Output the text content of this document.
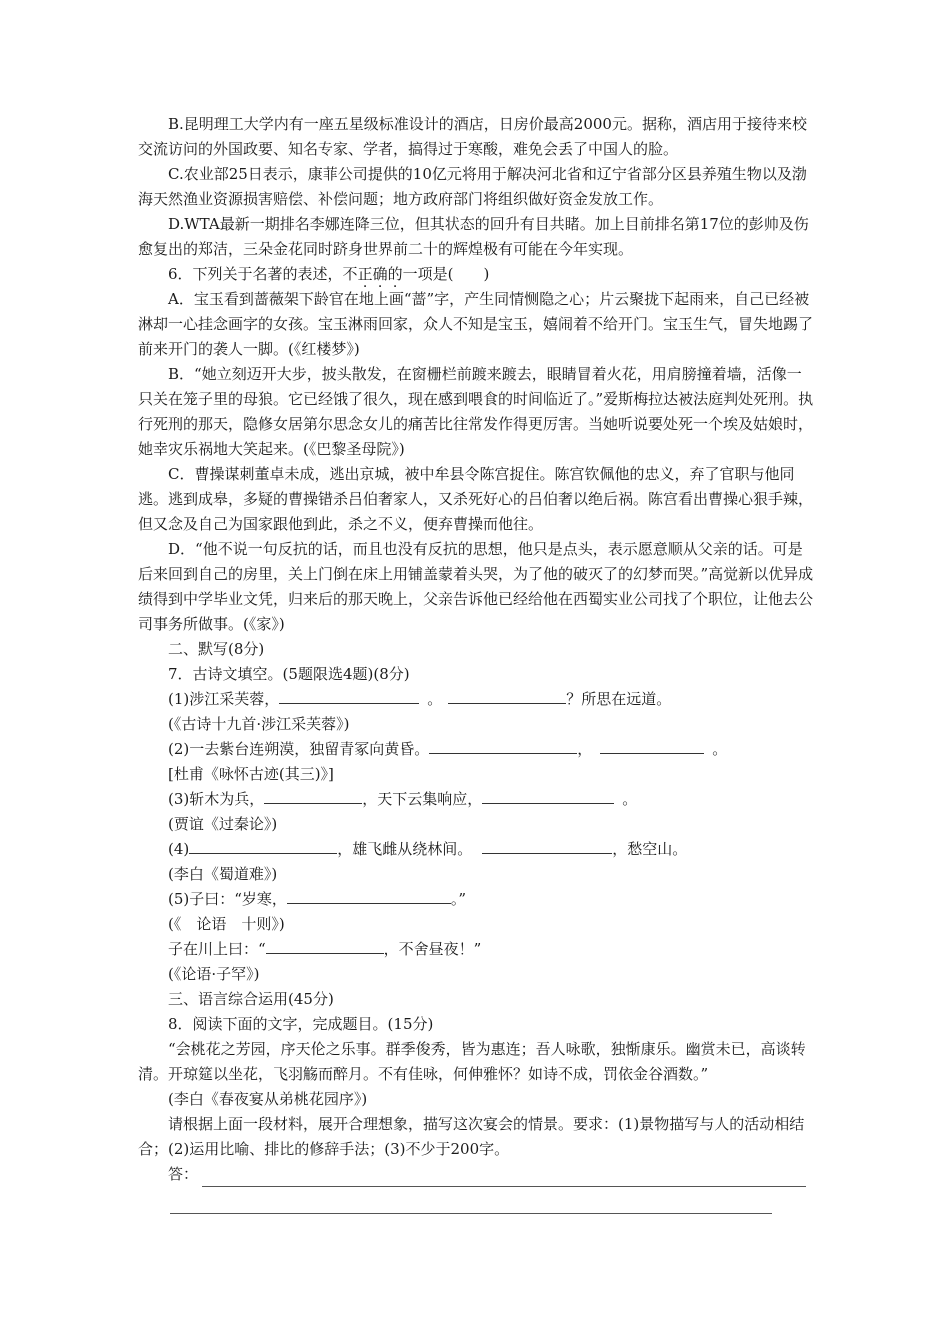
B.昆明理工大学内有一座五星级标准设计的酒店，日房价最高2000元。据称，酒店用于接待来校交流访问的外国政要、知名专家、学者，搞得过于寒酸，难免会丢了中国人的脸。

C.农业部25日表示，康菲公司提供的10亿元将用于解决河北省和辽宁省部分区县养殖生物以及渤海天然渔业资源损害赔偿、补偿问题；地方政府部门将组织做好资金发放工作。

D.WTA最新一期排名李娜连降三位，但其状态的回升有目共睹。加上目前排名第17位的彭帅及伤愈复出的郑洁，三朵金花同时跻身世界前二十的辉煌极有可能在今年实现。

6．下列关于名著的表述，不正确的一项是(　　)

A．宝玉看到蔷薇架下龄官在地上画“蔷”字，产生同情恻隐之心；片云聚拢下起雨来，自己已经被淋却一心挂念画字的女孩。宝玉淋雨回家，众人不知是宝玉，嬉闹着不给开门。宝玉生气，冒失地踢了前来开门的袭人一脚。(《红楼梦》)

B．“她立刻迈开大步，披头散发，在窗栅栏前踱来踱去，眼睛冒着火花，用肩膀撞着墙，活像一只关在笼子里的母狼。它已经饿了很久，现在感到喂食的时间临近了。”爱斯梅拉达被法庭判处死刑。执行死刑的那天，隐修女居第尔思念女儿的痛苦比往常发作得更厉害。当她听说要处死一个埃及姑娘时，她幸灾乐祸地大笑起来。(《巴黎圣母院》)

C．曹操谋刺董卓未成，逃出京城，被中牟县令陈宫捉住。陈宫钦佩他的忠义，弃了官职与他同逃。逃到成皋，多疑的曹操错杀吕伯奢家人，又杀死好心的吕伯奢以绝后祸。陈宫看出曹操心狠手辣，但又念及自己为国家跟他到此，杀之不义，便弃曹操而他往。

D．“他不说一句反抗的话，而且也没有反抗的思想，他只是点头，表示愿意顺从父亲的话。可是后来回到自己的房里，关上门倒在床上用铺盖蒙着头哭，为了他的破灭了的幻梦而哭。”高觉新以优异成绩得到中学毕业文凭，归来后的那天晚上，父亲告诉他已经给他在西蜀实业公司找了个职位，让他去公司事务所做事。(《家》)

二、默写(8分)

7．古诗文填空。(5题限选4题)(8分)

(1)涉江采芙蓉，	。	？所思在远道。

(《古诗十九首·涉江采芙蓉》)

(2)一去紫台连朔漠，独留青冢向黄昏。	，	。

[杜甫《咏怀古迹(其三)》]

(3)斩木为兵，	，天下云集响应，	。

(贾谊《过秦论》)

(4)	，雄飞雌从绕林间。	，愁空山。

(李白《蜀道难》)

(5)子曰：“岁寒，	。”

(《　论语　十则》)

子在川上曰：“	，不舍昼夜！”

(《论语·子罕》)

三、语言综合运用(45分)

8．阅读下面的文字，完成题目。(15分)

“会桃花之芳园，序天伦之乐事。群季俊秀，皆为惠连；吾人咏歌，独惭康乐。幽赏未已，高谈转清。开琼筵以坐花，飞羽觞而醉月。不有佳咏，何伸雅怀？如诗不成，罚依金谷酒数。”

(李白《春夜宴从弟桃花园序》)

请根据上面一段材料，展开合理想象，描写这次宴会的情景。要求：(1)景物描写与人的活动相结合；(2)运用比喻、排比的修辞手法；(3)不少于200字。

答：
